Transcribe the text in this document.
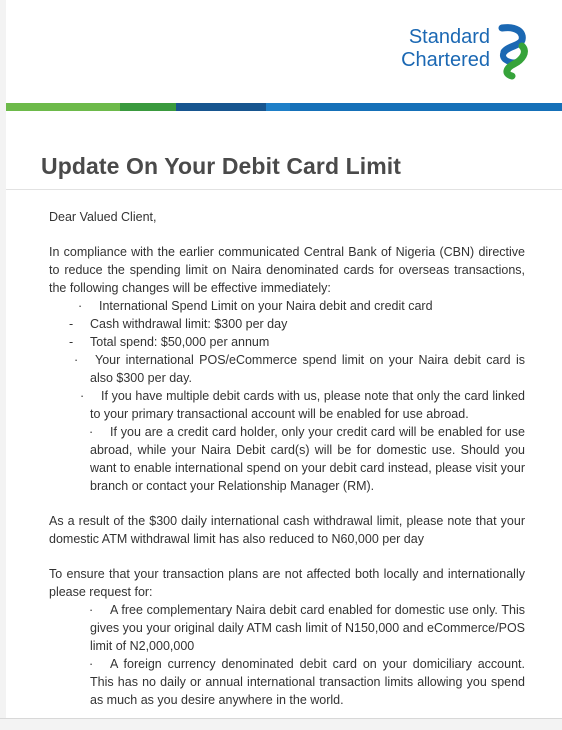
Standard
Chartered
Update On Your Debit Card Limit

Dear Valued Client,

In compliance with the earlier communicated Central Bank of Nigeria (CBN) directive to reduce the spending limit on Naira denominated cards for overseas transactions, the following changes will be effective immediately:

· International Spend Limit on your Naira debit and credit card
-	Cash withdrawal limit: $300 per day
-	Total spend: $50,000 per annum
· Your international POS/eCommerce spend limit on your Naira debit card is also $300 per day.
· If you have multiple debit cards with us, please note that only the card linked to your primary transactional account will be enabled for use abroad.
· If you are a credit card holder, only your credit card will be enabled for use abroad, while your Naira Debit card(s) will be for domestic use. Should you want to enable international spend on your debit card instead, please visit your branch or contact your Relationship Manager (RM).

As a result of the $300 daily international cash withdrawal limit, please note that your domestic ATM withdrawal limit has also reduced to N60,000 per day

To ensure that your transaction plans are not affected both locally and internationally please request for:

· A free complementary Naira debit card enabled for domestic use only. This gives you your original daily ATM cash limit of N150,000 and eCommerce/POS limit of N2,000,000
· A foreign currency denominated debit card on your domiciliary account. This has no daily or annual international transaction limits allowing you spend as much as you desire anywhere in the world.
